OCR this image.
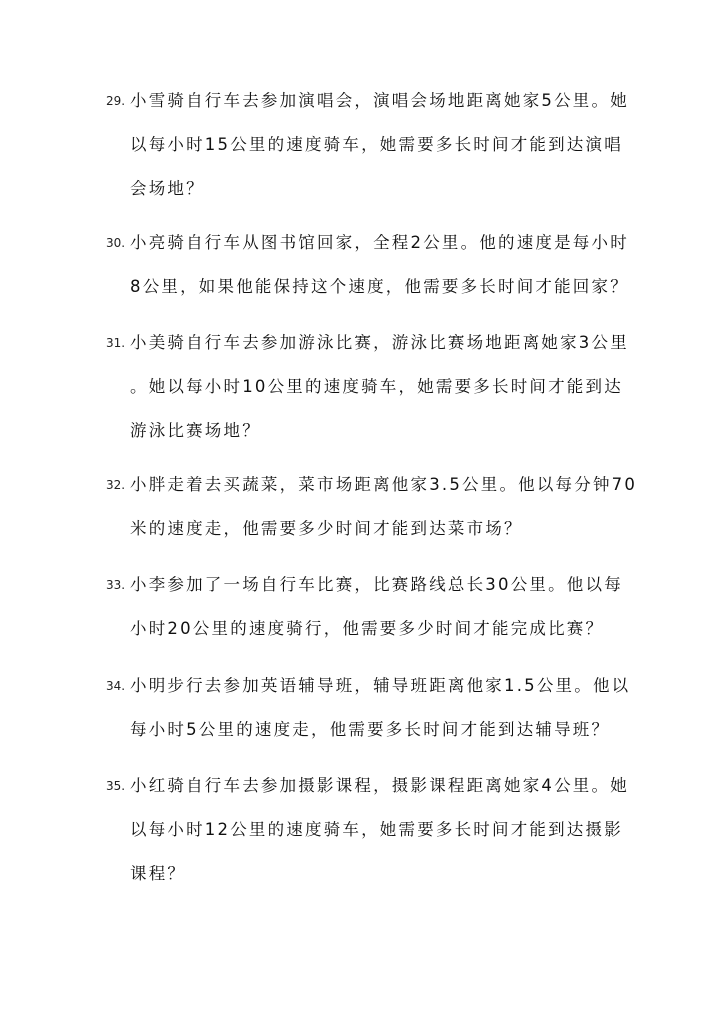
29. 小雪骑自行车去参加演唱会，演唱会场地距离她家5公里。她
以每小时15公里的速度骑车，她需要多长时间才能到达演唱
会场地？
30. 小亮骑自行车从图书馆回家，全程2公里。他的速度是每小时
8公里，如果他能保持这个速度，他需要多长时间才能回家？
31. 小美骑自行车去参加游泳比赛，游泳比赛场地距离她家3公里
。她以每小时10公里的速度骑车，她需要多长时间才能到达
游泳比赛场地？
32. 小胖走着去买蔬菜，菜市场距离他家3.5公里。他以每分钟70
米的速度走，他需要多少时间才能到达菜市场？
33. 小李参加了一场自行车比赛，比赛路线总长30公里。他以每
小时20公里的速度骑行，他需要多少时间才能完成比赛？
34. 小明步行去参加英语辅导班，辅导班距离他家1.5公里。他以
每小时5公里的速度走，他需要多长时间才能到达辅导班？
35. 小红骑自行车去参加摄影课程，摄影课程距离她家4公里。她
以每小时12公里的速度骑车，她需要多长时间才能到达摄影
课程？
